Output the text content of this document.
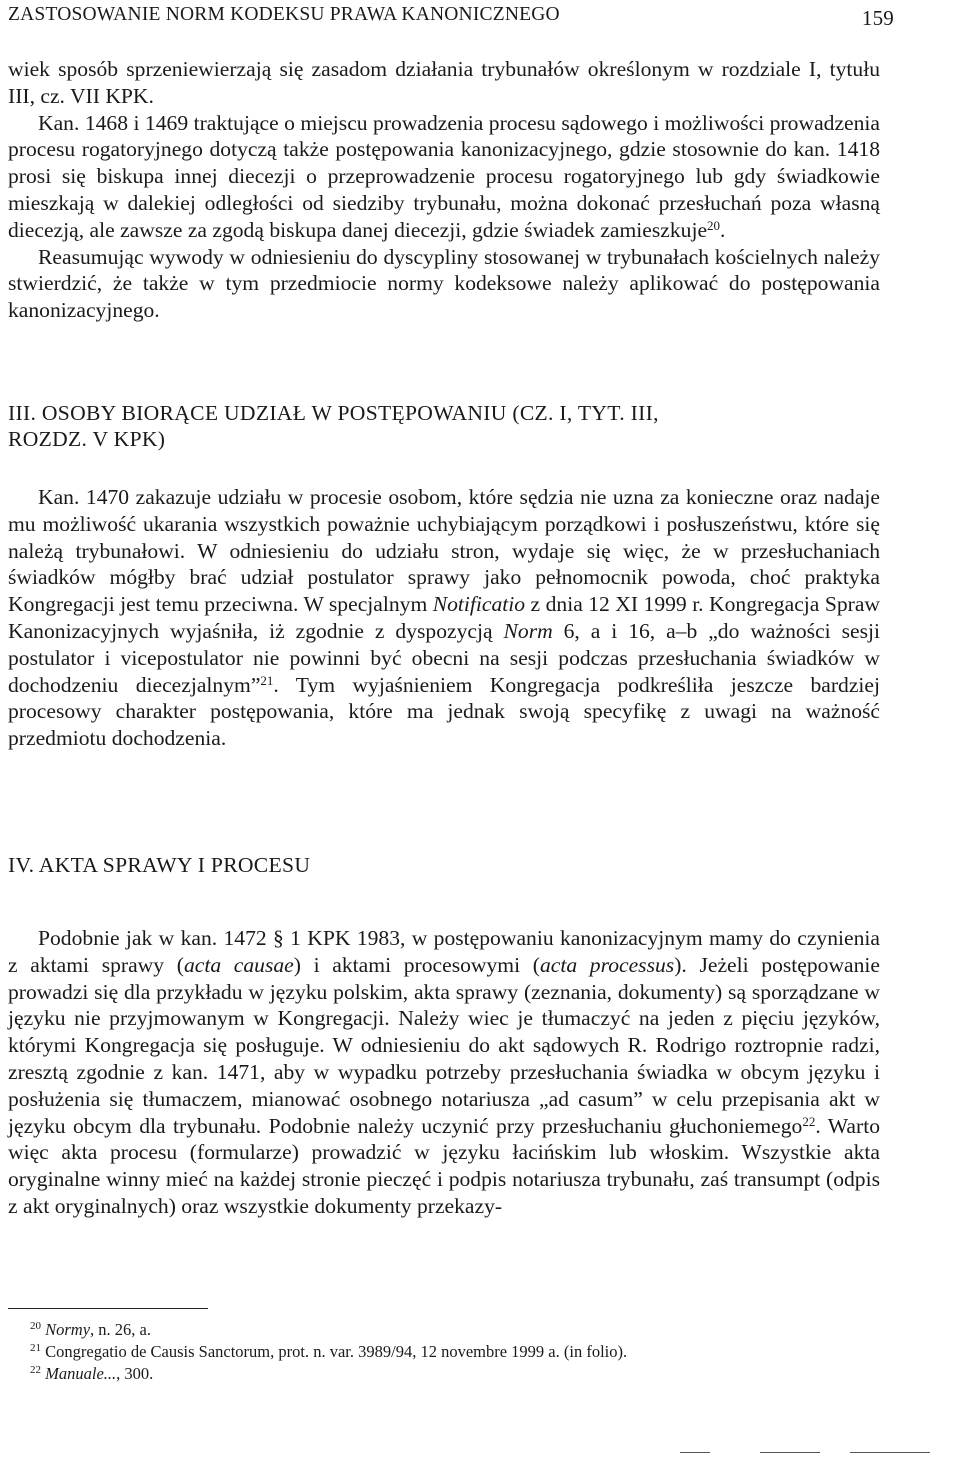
ZASTOSOWANIE NORM KODEKSU PRAWA KANONICZNEGO	159

wiek sposób sprzeniewierzają się zasadom działania trybunałów określonym w rozdziale I, tytułu III, cz. VII KPK.

Kan. 1468 i 1469 traktujące o miejscu prowadzenia procesu sądowego i możliwości prowadzenia procesu rogatoryjnego dotyczą także postępowania kanonizacyjnego, gdzie stosownie do kan. 1418 prosi się biskupa innej diecezji o przeprowadzenie procesu rogatoryjnego lub gdy świadkowie mieszkają w dalekiej odległości od siedziby trybunału, można dokonać przesłuchań poza własną diecezją, ale zawsze za zgodą biskupa danej diecezji, gdzie świadek zamieszkuje$^{20}$.

Reasumując wywody w odniesieniu do dyscypliny stosowanej w trybunałach kościelnych należy stwierdzić, że także w tym przedmiocie normy kodeksowe należy aplikować do postępowania kanonizacyjnego.

III. OSOBY BIORĄCE UDZIAŁ W POSTĘPOWANIU (CZ. I, TYT. III,
ROZDZ. V KPK)

Kan. 1470 zakazuje udziału w procesie osobom, które sędzia nie uzna za konieczne oraz nadaje mu możliwość ukarania wszystkich poważnie uchybiającym porządkowi i posłuszeństwu, które się należą trybunałowi. W odniesieniu do udziału stron, wydaje się więc, że w przesłuchaniach świadków mógłby brać udział postulator sprawy jako pełnomocnik powoda, choć praktyka Kongregacji jest temu przeciwna. W specjalnym Notificatio z dnia 12 XI 1999 r. Kongregacja Spraw Kanonizacyjnych wyjaśniła, iż zgodnie z dyspozycją Norm 6, a i 16, a–b „do ważności sesji postulator i vicepostulator nie powinni być obecni na sesji podczas przesłuchania świadków w dochodzeniu diecezjalnym”$^{21}$. Tym wyjaśnieniem Kongregacja podkreśliła jeszcze bardziej procesowy charakter postępowania, które ma jednak swoją specyfikę z uwagi na ważność przedmiotu dochodzenia.

IV. AKTA SPRAWY I PROCESU

Podobnie jak w kan. 1472 § 1 KPK 1983, w postępowaniu kanonizacyjnym mamy do czynienia z aktami sprawy (acta causae) i aktami procesowymi (acta processus). Jeżeli postępowanie prowadzi się dla przykładu w języku polskim, akta sprawy (zeznania, dokumenty) są sporządzane w języku nie przyjmowanym w Kongregacji. Należy wiec je tłumaczyć na jeden z pięciu języków, którymi Kongregacja się posługuje. W odniesieniu do akt sądowych R. Rodrigo roztropnie radzi, zresztą zgodnie z kan. 1471, aby w wypadku potrzeby przesłuchania świadka w obcym języku i posłużenia się tłumaczem, mianować osobnego notariusza „ad casum” w celu przepisania akt w języku obcym dla trybunału. Podobnie należy uczynić przy przesłuchaniu głuchoniemego$^{22}$. Warto więc akta procesu (formularze) prowadzić w języku łacińskim lub włoskim. Wszystkie akta oryginalne winny mieć na każdej stronie pieczęć i podpis notariusza trybunału, zaś transumpt (odpis z akt oryginalnych) oraz wszystkie dokumenty przekazy-

$^{20}$ Normy, n. 26, a.

$^{21}$ Congregatio de Causis Sanctorum, prot. n. var. 3989/94, 12 novembre 1999 a. (in folio).

$^{22}$ Manuale..., 300.
